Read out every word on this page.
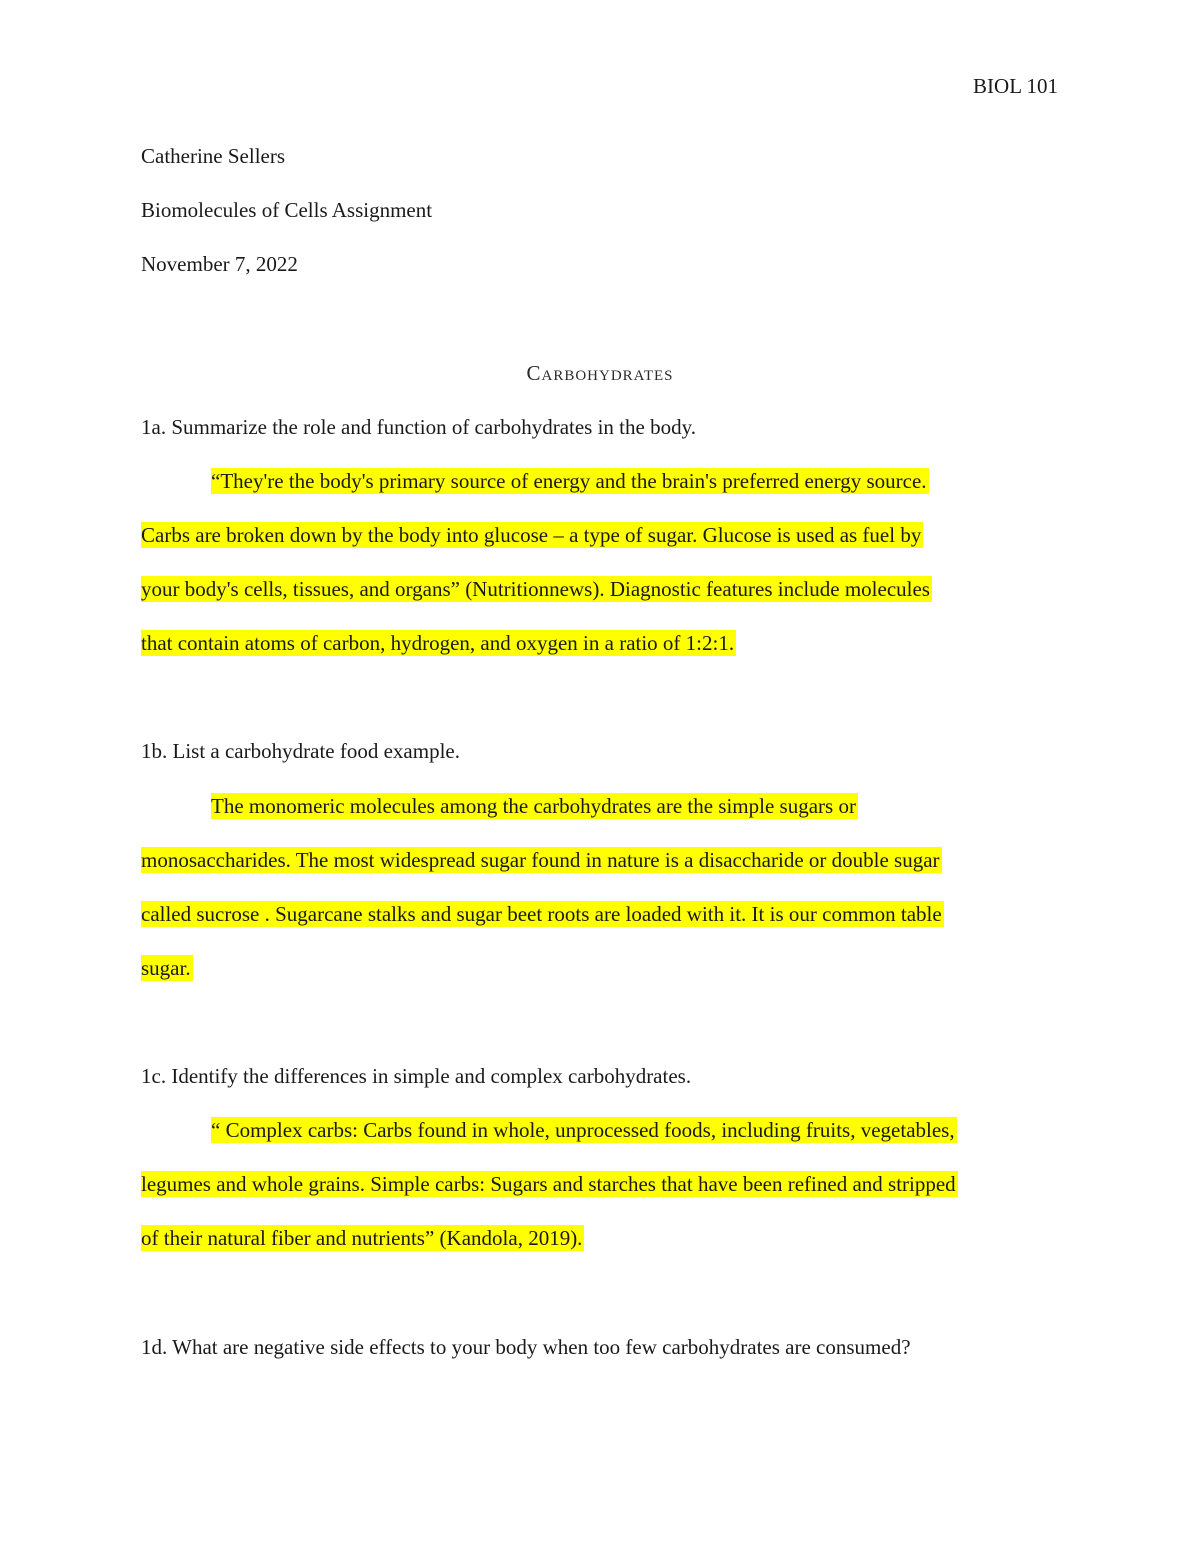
BIOL 101
Catherine Sellers
Biomolecules of Cells Assignment
November 7, 2022
Carbohydrates
1a. Summarize the role and function of carbohydrates in the body.
“They're the body's primary source of energy and the brain's preferred energy source.
Carbs are broken down by the body into glucose – a type of sugar. Glucose is used as fuel by
your body's cells, tissues, and organs” (Nutritionnews). Diagnostic features include molecules
that contain atoms of carbon, hydrogen, and oxygen in a ratio of 1:2:1.
1b. List a carbohydrate food example.
The monomeric molecules among the carbohydrates are the simple sugars or
monosaccharides. The most widespread sugar found in nature is a disaccharide or double sugar
called sucrose . Sugarcane stalks and sugar beet roots are loaded with it. It is our common table
sugar.
1c. Identify the differences in simple and complex carbohydrates.
“ Complex carbs: Carbs found in whole, unprocessed foods, including fruits, vegetables,
legumes and whole grains. Simple carbs: Sugars and starches that have been refined and stripped
of their natural fiber and nutrients” (Kandola, 2019).
1d. What are negative side effects to your body when too few carbohydrates are consumed?
